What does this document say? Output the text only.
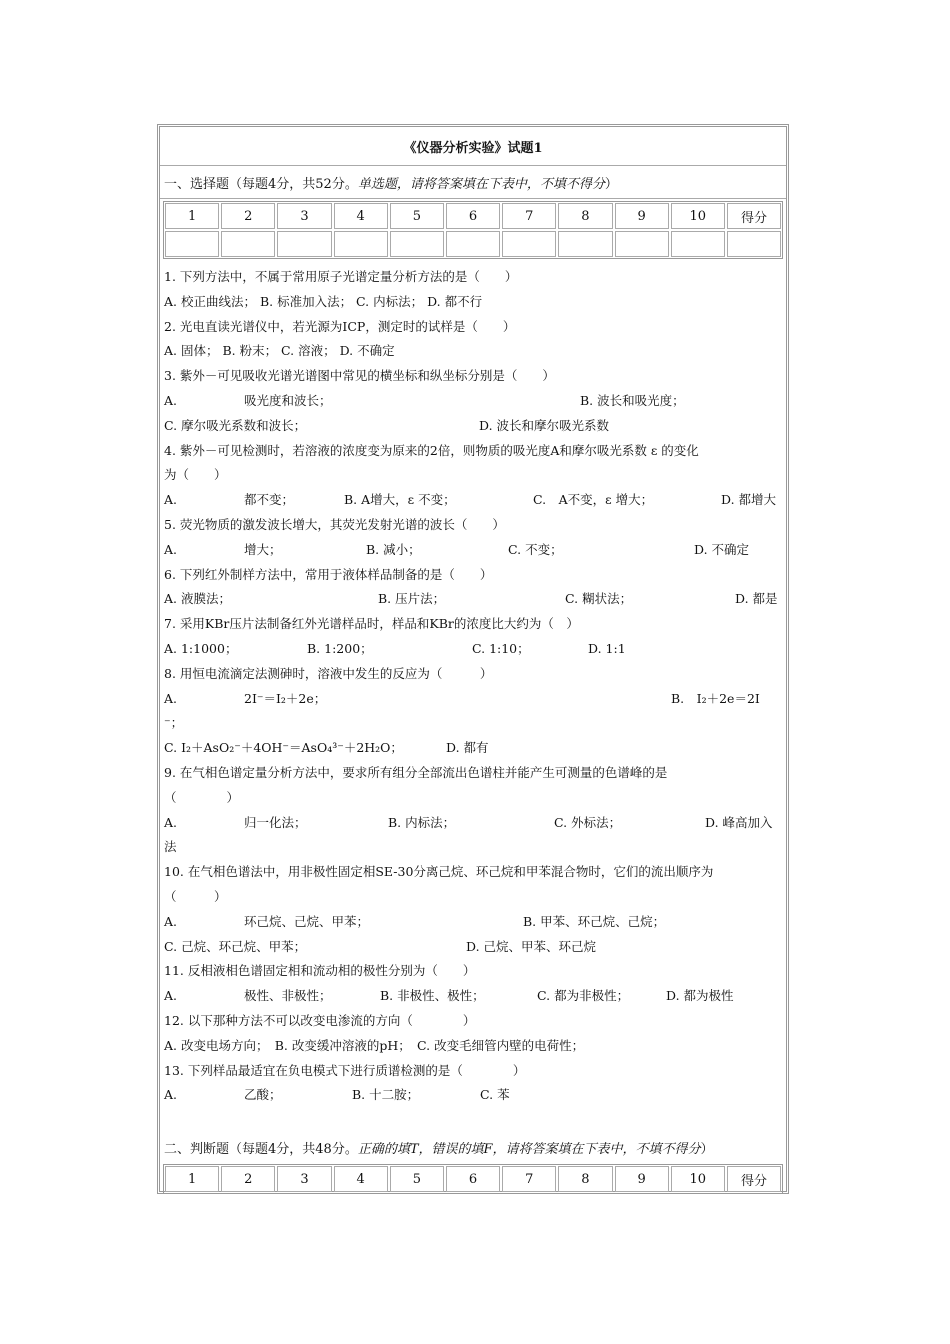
《仪器分析实验》试题1
一、选择题（每题4分，共52分。 单选题，请将答案填在下表中，不填不得分 ）
1	2	3	4	5	6	7	8	9	10	得分
1. 下列方法中，不属于常用原子光谱定量分析方法的是（　　）
A. 校正曲线法； B. 标准加入法； C. 内标法； D. 都不行
2. 光电直读光谱仪中，若光源为ICP，测定时的试样是（　　）
A. 固体； B. 粉末； C. 溶液； D. 不确定
3. 紫外－可见吸收光谱光谱图中常见的横坐标和纵坐标分别是（　　）
A.	吸光度和波长；	B. 波长和吸光度；
C. 摩尔吸光系数和波长；	D. 波长和摩尔吸光系数
4. 紫外－可见检测时，若溶液的浓度变为原来的2倍，则物质的吸光度A和摩尔吸光系数 ε 的变化
为（　　）
A.	都不变；	B. A增大，ε 不变；	C.　A不变，ε 增大；	D. 都增大
5. 荧光物质的激发波长增大，其荧光发射光谱的波长（　　）
A.	增大；	B. 减小；	C. 不变；	D. 不确定
6. 下列红外制样方法中，常用于液体样品制备的是（　　）
A. 液膜法；	B. 压片法；	C. 糊状法；	D. 都是
7. 采用KBr压片法制备红外光谱样品时，样品和KBr的浓度比大约为（　）
A. 1:1000；	B. 1:200；	C. 1:10；	D. 1:1
8. 用恒电流滴定法测砷时，溶液中发生的反应为（　　　）
A.	2I⁻＝I₂＋2e；	B.　I₂＋2e＝2I
⁻；
C. I₂＋AsO₂⁻＋4OH⁻＝AsO₄³⁻＋2H₂O；	D. 都有
9. 在气相色谱定量分析方法中，要求所有组分全部流出色谱柱并能产生可测量的色谱峰的是
（　　　　）
A.	归一化法；	B. 内标法；	C. 外标法；	D. 峰高加入
法
10. 在气相色谱法中，用非极性固定相SE-30分离己烷、环己烷和甲苯混合物时，它们的流出顺序为
（　　　）
A.	环己烷、己烷、甲苯；	B. 甲苯、环己烷、己烷；
C. 己烷、环己烷、甲苯；	D. 己烷、甲苯、环己烷
11. 反相液相色谱固定相和流动相的极性分别为（　　）
A.	极性、非极性；	B. 非极性、极性；	C. 都为非极性；	D. 都为极性
12. 以下那种方法不可以改变电渗流的方向（　　　　）
A. 改变电场方向；　B. 改变缓冲溶液的pH；　C. 改变毛细管内壁的电荷性；
13. 下列样品最适宜在负电模式下进行质谱检测的是（　　　　）
A.	乙酸；	B. 十二胺；	C. 苯
二、判断题（每题4分，共48分。 正确的填T，错误的填F，请将答案填在下表中，不填不得分 ）
1	2	3	4	5	6	7	8	9	10	得分
